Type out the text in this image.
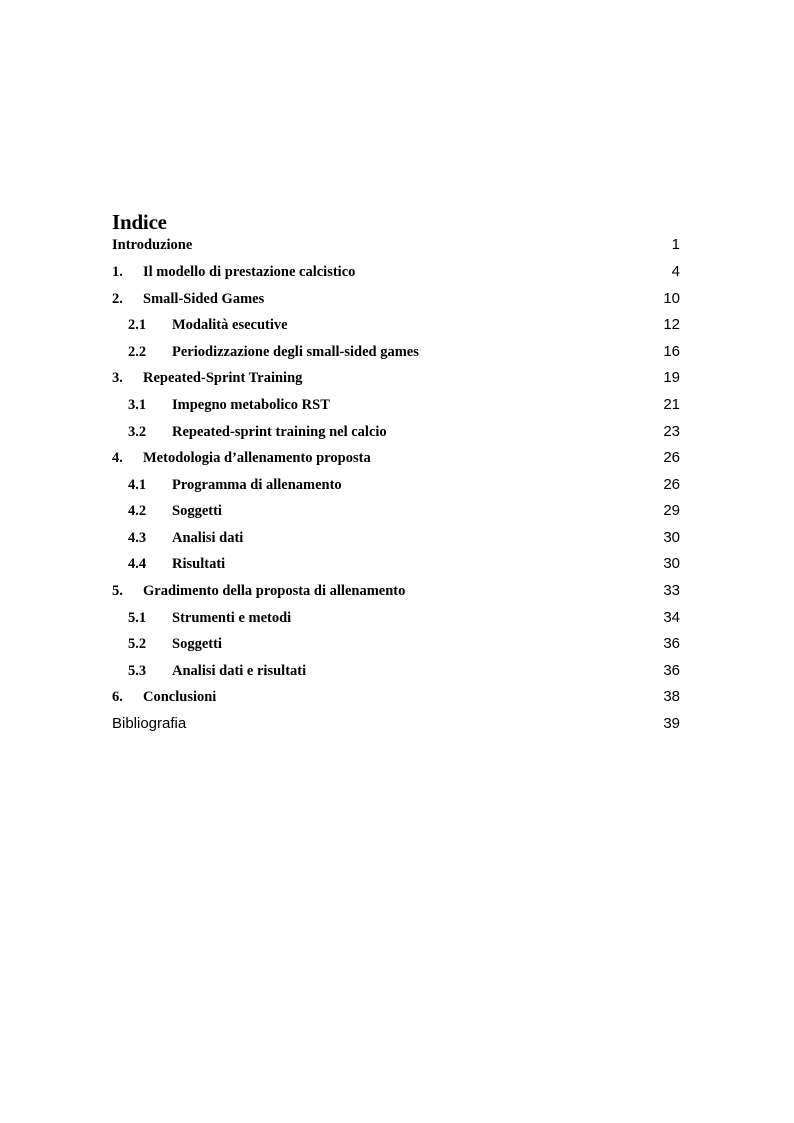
Indice
Introduzione	1
1. Il modello di prestazione calcistico	4
2. Small-Sided Games	10
2.1 Modalità esecutive	12
2.2 Periodizzazione degli small-sided games	16
3. Repeated-Sprint Training	19
3.1 Impegno metabolico RST	21
3.2 Repeated-sprint training nel calcio	23
4. Metodologia d’allenamento proposta	26
4.1 Programma di allenamento	26
4.2 Soggetti	29
4.3 Analisi dati	30
4.4 Risultati	30
5. Gradimento della proposta di allenamento	33
5.1 Strumenti e metodi	34
5.2 Soggetti	36
5.3 Analisi dati e risultati	36
6. Conclusioni	38
Bibliografia	39
